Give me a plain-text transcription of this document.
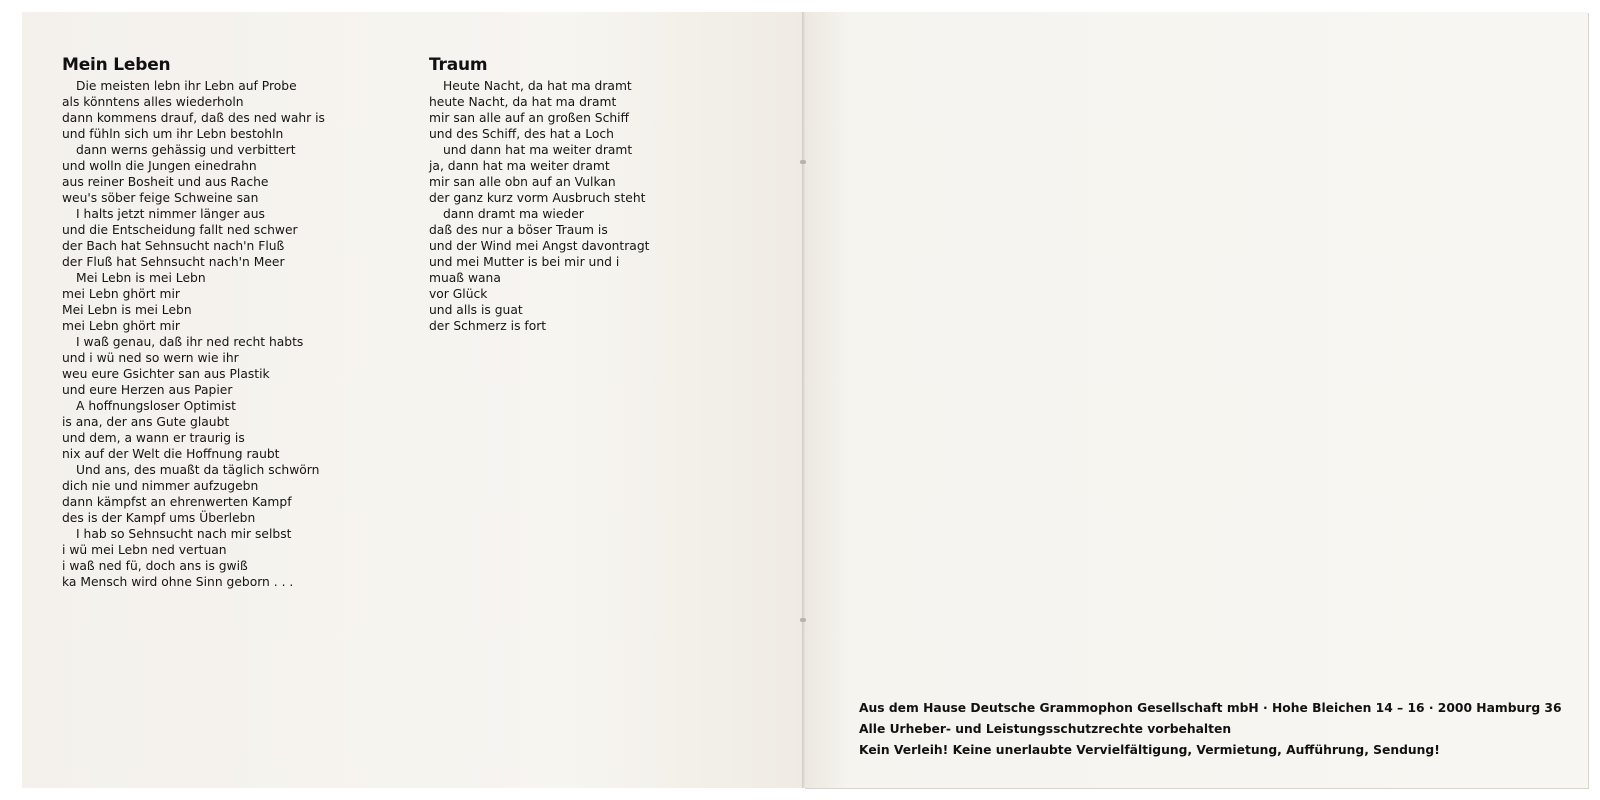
Mein Leben
Die meisten lebn ihr Lebn auf Probe
als könntens alles wiederholn
dann kommens drauf, daß des ned wahr is
und fühln sich um ihr Lebn bestohln
dann werns gehässig und verbittert
und wolln die Jungen einedrahn
aus reiner Bosheit und aus Rache
weu's söber feige Schweine san
I halts jetzt nimmer länger aus
und die Entscheidung fallt ned schwer
der Bach hat Sehnsucht nach'n Fluß
der Fluß hat Sehnsucht nach'n Meer
Mei Lebn is mei Lebn
mei Lebn ghört mir
Mei Lebn is mei Lebn
mei Lebn ghört mir
I waß genau, daß ihr ned recht habts
und i wü ned so wern wie ihr
weu eure Gsichter san aus Plastik
und eure Herzen aus Papier
A hoffnungsloser Optimist
is ana, der ans Gute glaubt
und dem, a wann er traurig is
nix auf der Welt die Hoffnung raubt
Und ans, des muaßt da täglich schwörn
dich nie und nimmer aufzugebn
dann kämpfst an ehrenwerten Kampf
des is der Kampf ums Überlebn
I hab so Sehnsucht nach mir selbst
i wü mei Lebn ned vertuan
i waß ned fü, doch ans is gwiß
ka Mensch wird ohne Sinn geborn . . .
Traum
Heute Nacht, da hat ma dramt
heute Nacht, da hat ma dramt
mir san alle auf an großen Schiff
und des Schiff, des hat a Loch
und dann hat ma weiter dramt
ja, dann hat ma weiter dramt
mir san alle obn auf an Vulkan
der ganz kurz vorm Ausbruch steht
dann dramt ma wieder
daß des nur a böser Traum is
und der Wind mei Angst davontragt
und mei Mutter is bei mir und i
muaß wana
vor Glück
und alls is guat
der Schmerz is fort
Aus dem Hause Deutsche Grammophon Gesellschaft mbH · Hohe Bleichen 14 – 16 · 2000 Hamburg 36
Alle Urheber- und Leistungsschutzrechte vorbehalten
Kein Verleih! Keine unerlaubte Vervielfältigung, Vermietung, Aufführung, Sendung!
